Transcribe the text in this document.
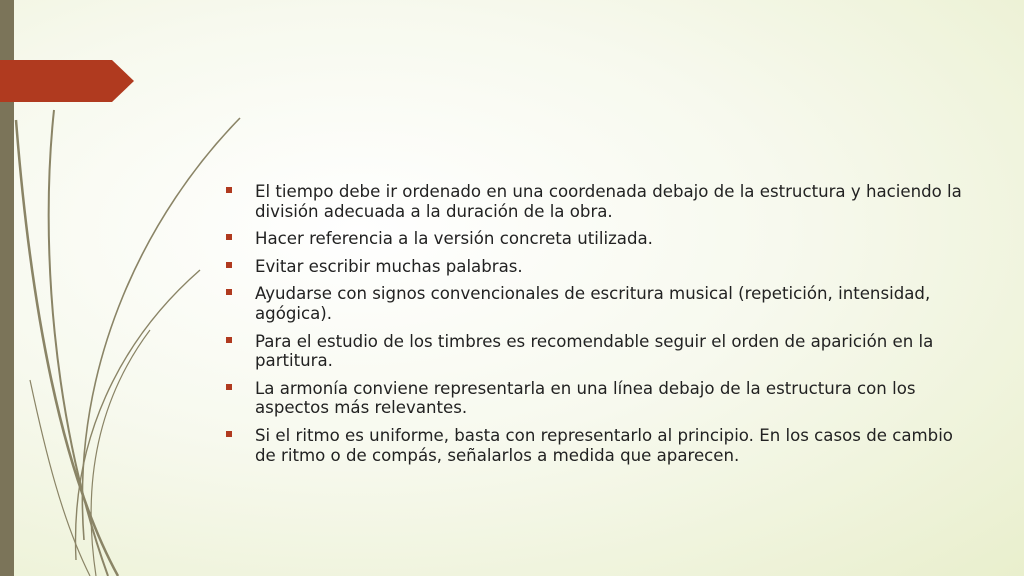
El tiempo debe ir ordenado en una coordenada debajo de la estructura y haciendo la división adecuada a la duración de la obra.
Hacer referencia a la versión concreta utilizada.
Evitar escribir muchas palabras.
Ayudarse con signos convencionales de escritura musical (repetición, intensidad, agógica).
Para el estudio de los timbres es recomendable seguir el orden de aparición en la partitura.
La armonía conviene representarla en una línea debajo de la estructura con los aspectos más relevantes.
Si el ritmo es uniforme, basta con representarlo al principio. En los casos de cambio de ritmo o de compás, señalarlos a medida que aparecen.
